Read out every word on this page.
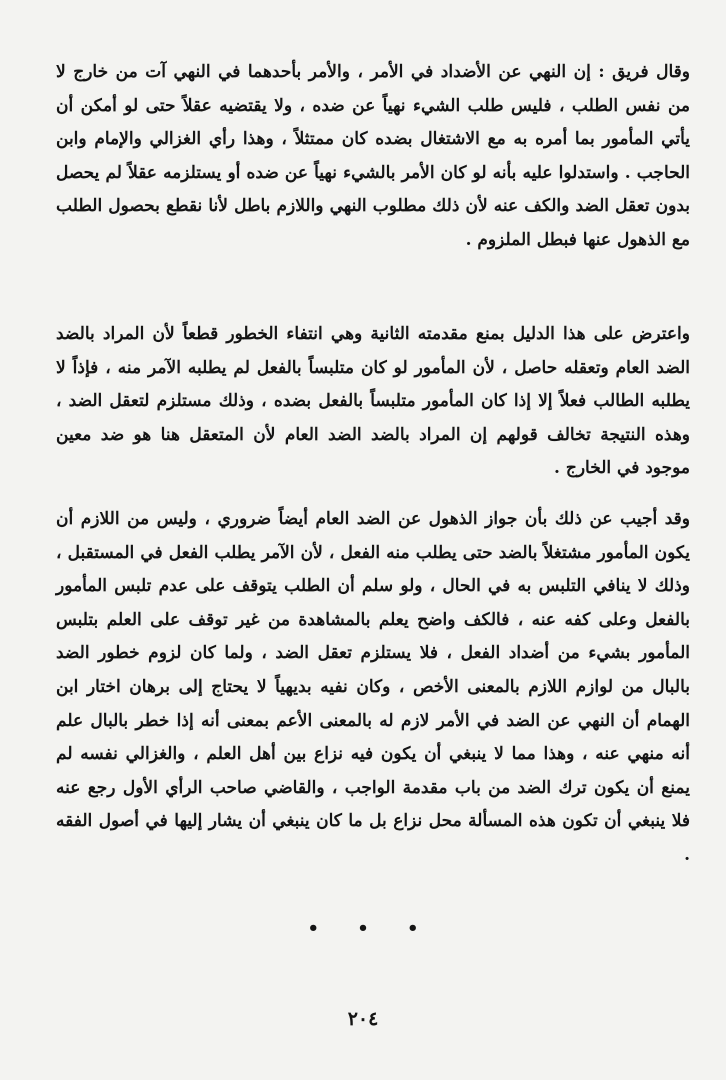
وقال فريق : إن النهي عن الأضداد في الأمر ، والأمر بأحدهما في النهي آت من خارج لا من نفس الطلب ، فليس طلب الشيء نهياً عن ضده ، ولا يقتضيه عقلاً حتى لو أمكن أن يأتي المأمور بما أمره به مع الاشتغال بضده كان ممتثلاً ، وهذا رأي الغزالي والإمام وابن الحاجب . واستدلوا عليه بأنه لو كان الأمر بالشيء نهياً عن ضده أو يستلزمه عقلاً لم يحصل بدون تعقل الضد والكف عنه لأن ذلك مطلوب النهي واللازم باطل لأنا نقطع بحصول الطلب مع الذهول عنها فبطل الملزوم .
واعترض على هذا الدليل بمنع مقدمته الثانية وهي انتفاء الخطور قطعاً لأن المراد بالضد الضد العام وتعقله حاصل ، لأن المأمور لو كان متلبساً بالفعل لم يطلبه الآمر منه ، فإذاً لا يطلبه الطالب فعلاً إلا إذا كان المأمور متلبساً بالفعل بضده ، وذلك مستلزم لتعقل الضد ، وهذه النتيجة تخالف قولهم إن المراد بالضد الضد العام لأن المتعقل هنا هو ضد معين موجود في الخارج .
وقد أجيب عن ذلك بأن جواز الذهول عن الضد العام أيضاً ضروري ، وليس من اللازم أن يكون المأمور مشتغلاً بالضد حتى يطلب منه الفعل ، لأن الآمر يطلب الفعل في المستقبل ، وذلك لا ينافي التلبس به في الحال ، ولو سلم أن الطلب يتوقف على عدم تلبس المأمور بالفعل وعلى كفه عنه ، فالكف واضح يعلم بالمشاهدة من غير توقف على العلم بتلبس المأمور بشيء من أضداد الفعل ، فلا يستلزم تعقل الضد ، ولما كان لزوم خطور الضد بالبال من لوازم اللازم بالمعنى الأخص ، وكان نفيه بديهياً لا يحتاج إلى برهان اختار ابن الهمام أن النهي عن الضد في الأمر لازم له بالمعنى الأعم بمعنى أنه إذا خطر بالبال علم أنه منهي عنه ، وهذا مما لا ينبغي أن يكون فيه نزاع بين أهل العلم ، والغزالي نفسه لم يمنع أن يكون ترك الضد من باب مقدمة الواجب ، والقاضي صاحب الرأي الأول رجع عنه فلا ينبغي أن تكون هذه المسألة محل نزاع بل ما كان ينبغي أن يشار إليها في أصول الفقه .
• • •
٢٠٤
